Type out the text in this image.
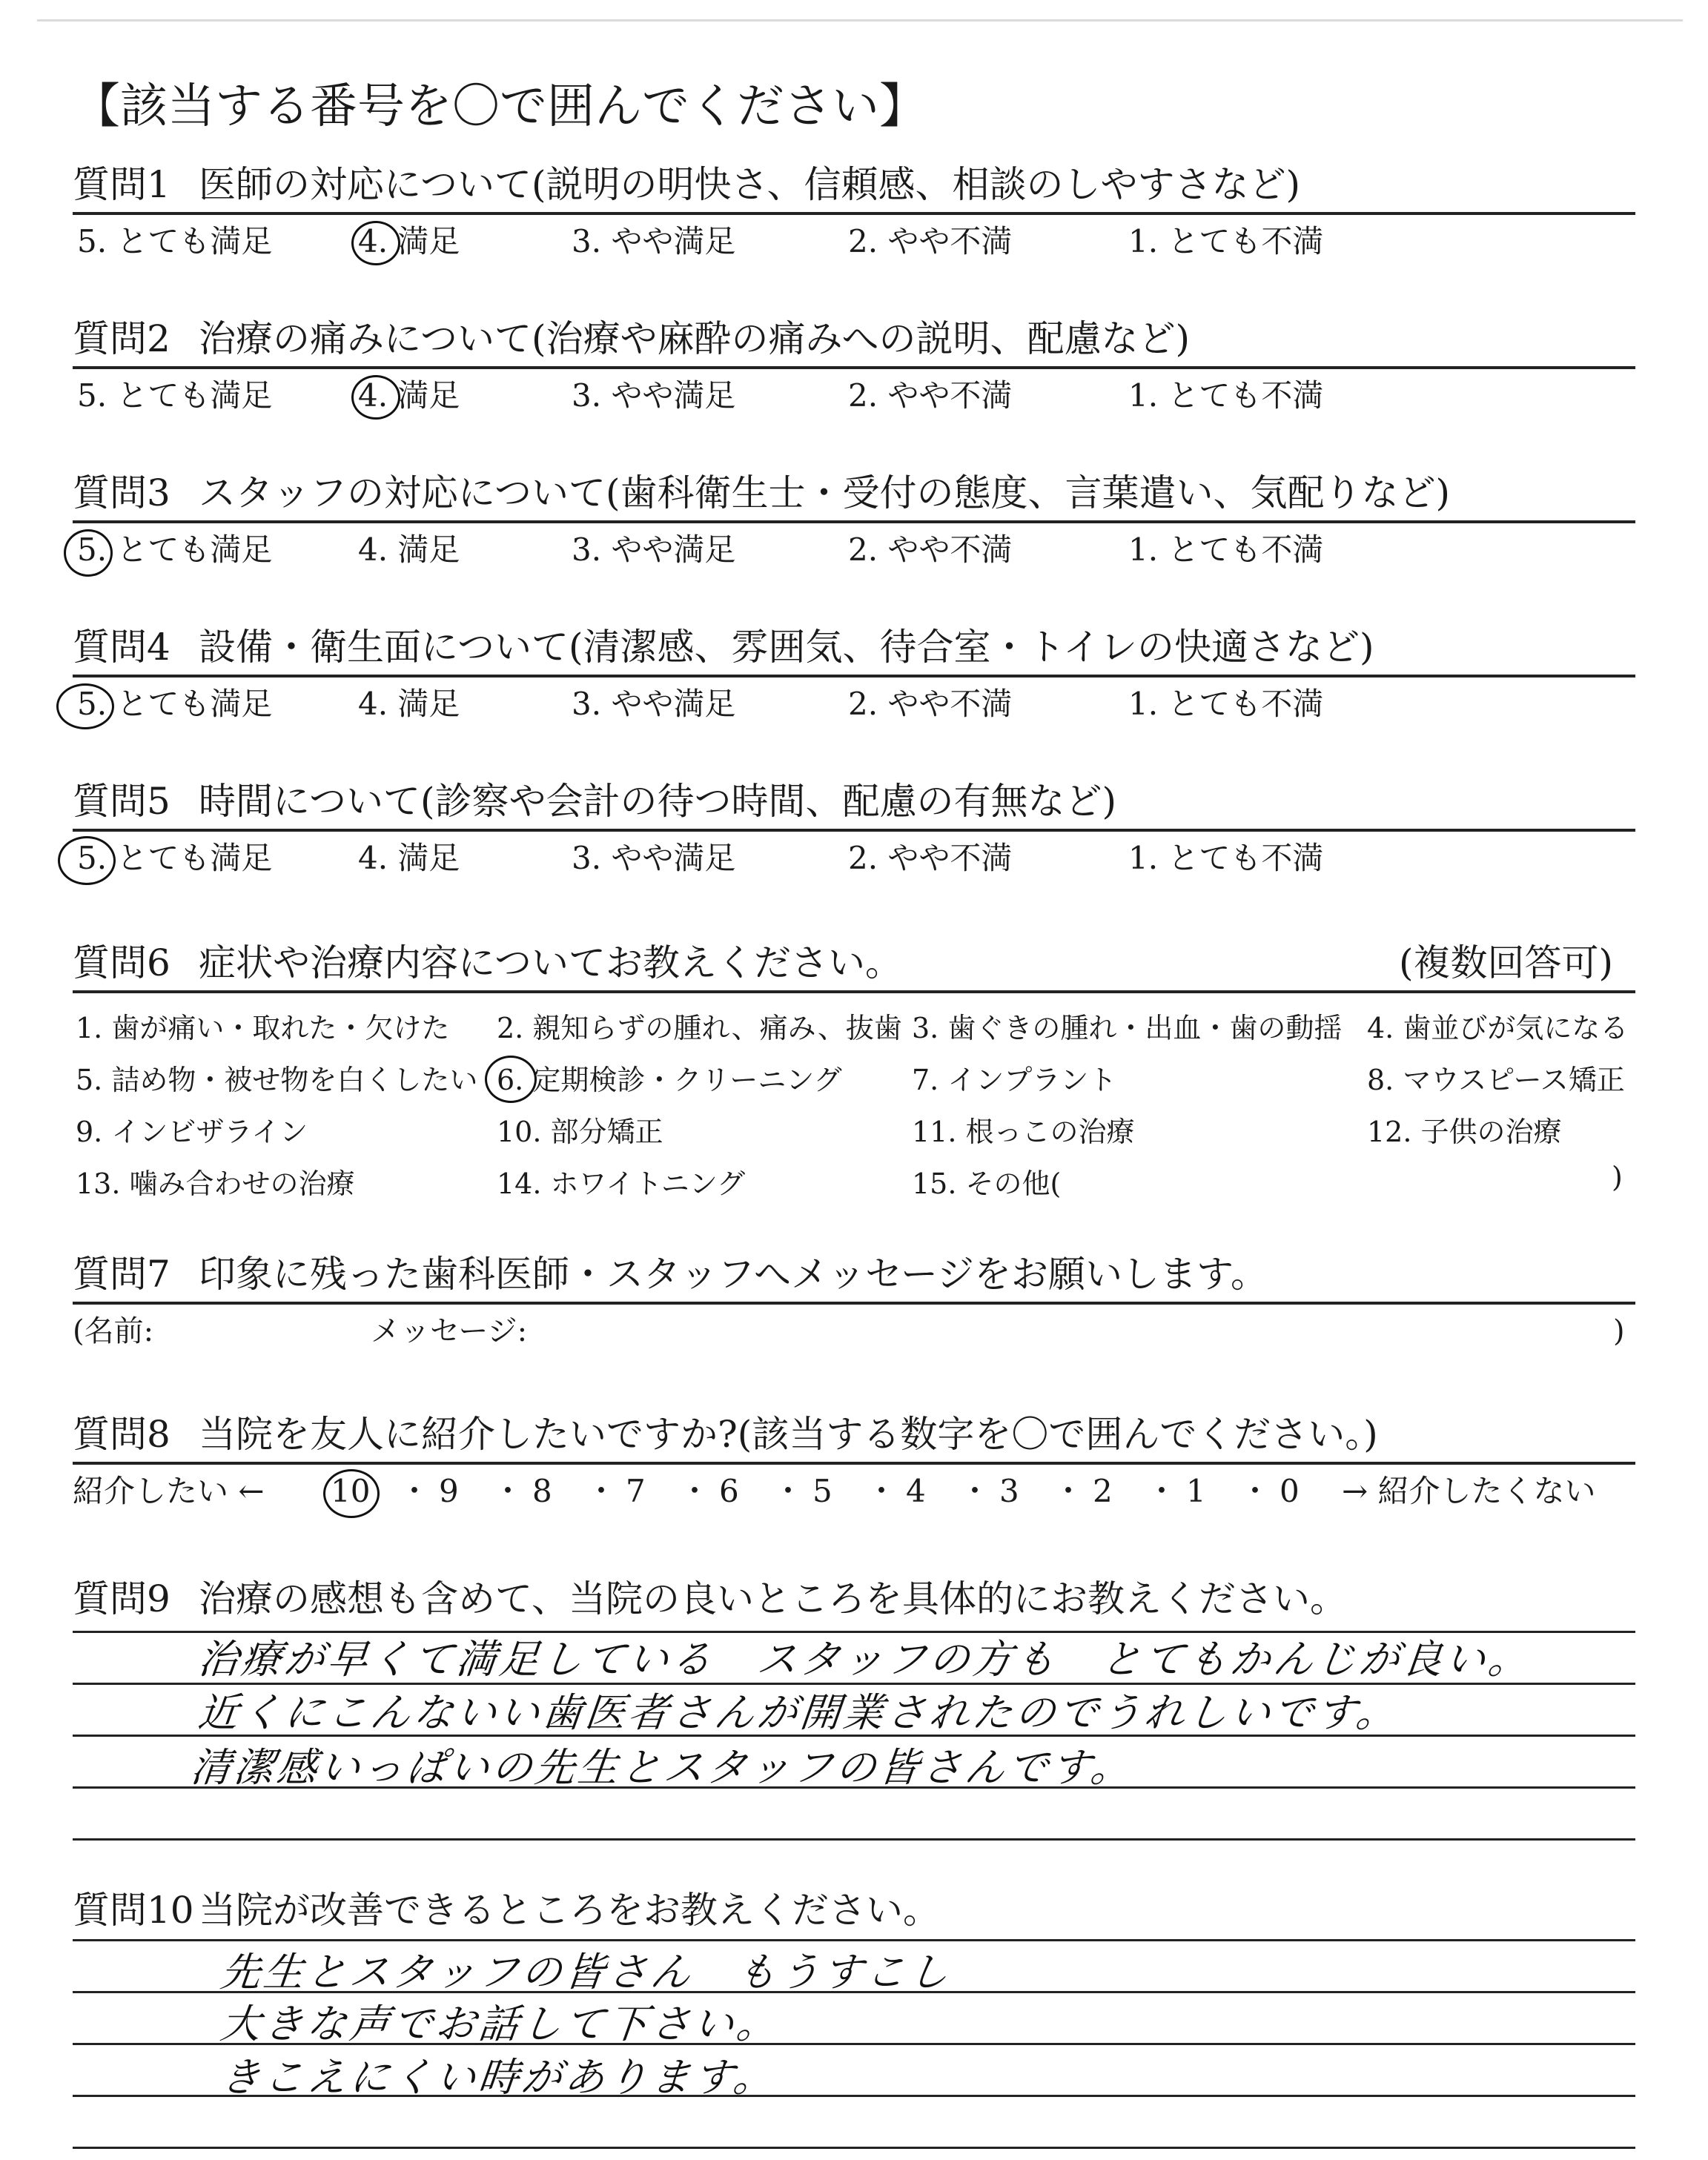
【該当する番号を〇で囲んでください】
質問1 医師の対応について(説明の明快さ、信頼感、相談のしやすさなど)
5. とても満足	4. 満足	3. やや満足	2. やや不満	1. とても不満
質問2 治療の痛みについて(治療や麻酔の痛みへの説明、配慮など)
5. とても満足	4. 満足	3. やや満足	2. やや不満	1. とても不満
質問3 スタッフの対応について(歯科衛生士・受付の態度、言葉遣い、気配りなど)
5. とても満足	4. 満足	3. やや満足	2. やや不満	1. とても不満
質問4 設備・衛生面について(清潔感、雰囲気、待合室・トイレの快適さなど)
5. とても満足	4. 満足	3. やや満足	2. やや不満	1. とても不満
質問5 時間について(診察や会計の待つ時間、配慮の有無など)
5. とても満足	4. 満足	3. やや満足	2. やや不満	1. とても不満
質問6 症状や治療内容についてお教えください。	(複数回答可)
1. 歯が痛い・取れた・欠けた 2. 親知らずの腫れ、痛み、抜歯 3. 歯ぐきの腫れ・出血・歯の動揺 4. 歯並びが気になる
5. 詰め物・被せ物を白くしたい 6. 定期検診・クリーニング 7. インプラント	8. マウスピース矯正
9. インビザライン	10. 部分矯正	11. 根っこの治療	12. 子供の治療
13. 噛み合わせの治療	14. ホワイトニング	15. その他(	)
質問7 印象に残った歯科医師・スタッフへメッセージをお願いします。
(名前:	メッセージ:	)
質問8 当院を友人に紹介したいですか?(該当する数字を〇で囲んでください。)
紹介したい ← 10 ・ 9 ・ 8 ・ 7 ・ 6 ・ 5 ・ 4 ・ 3 ・ 2 ・ 1 ・ 0 → 紹介したくない
質問9 治療の感想も含めて、当院の良いところを具体的にお教えください。
治療が早くて満足している　スタッフの方も　とてもかんじが良い。
近くにこんないい歯医者さんが開業されたのでうれしいです。
清潔感いっぱいの先生とスタッフの皆さんです。
質問10 当院が改善できるところをお教えください。
先生とスタッフの皆さん　もうすこし
大きな声でお話して下さい。
きこえにくい時があります。
